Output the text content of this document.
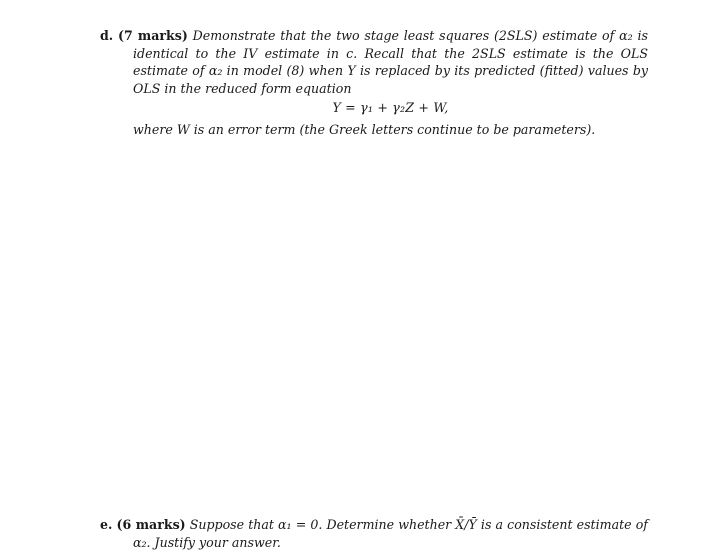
d. (7 marks) Demonstrate that the two stage least squares (2SLS) estimate of α₂ is
identical to the IV estimate in c. Recall that the 2SLS estimate is the OLS estimate of α₂ in model (8) when Y is replaced by its predicted (fitted) values by OLS in the reduced form equation
Y = γ₁ + γ₂Z + W,
where W is an error term (the Greek letters continue to be parameters).
e. (6 marks) Suppose that α₁ = 0. Determine whether X̄/Ȳ is a consistent estimate of
α₂. Justify your answer.
